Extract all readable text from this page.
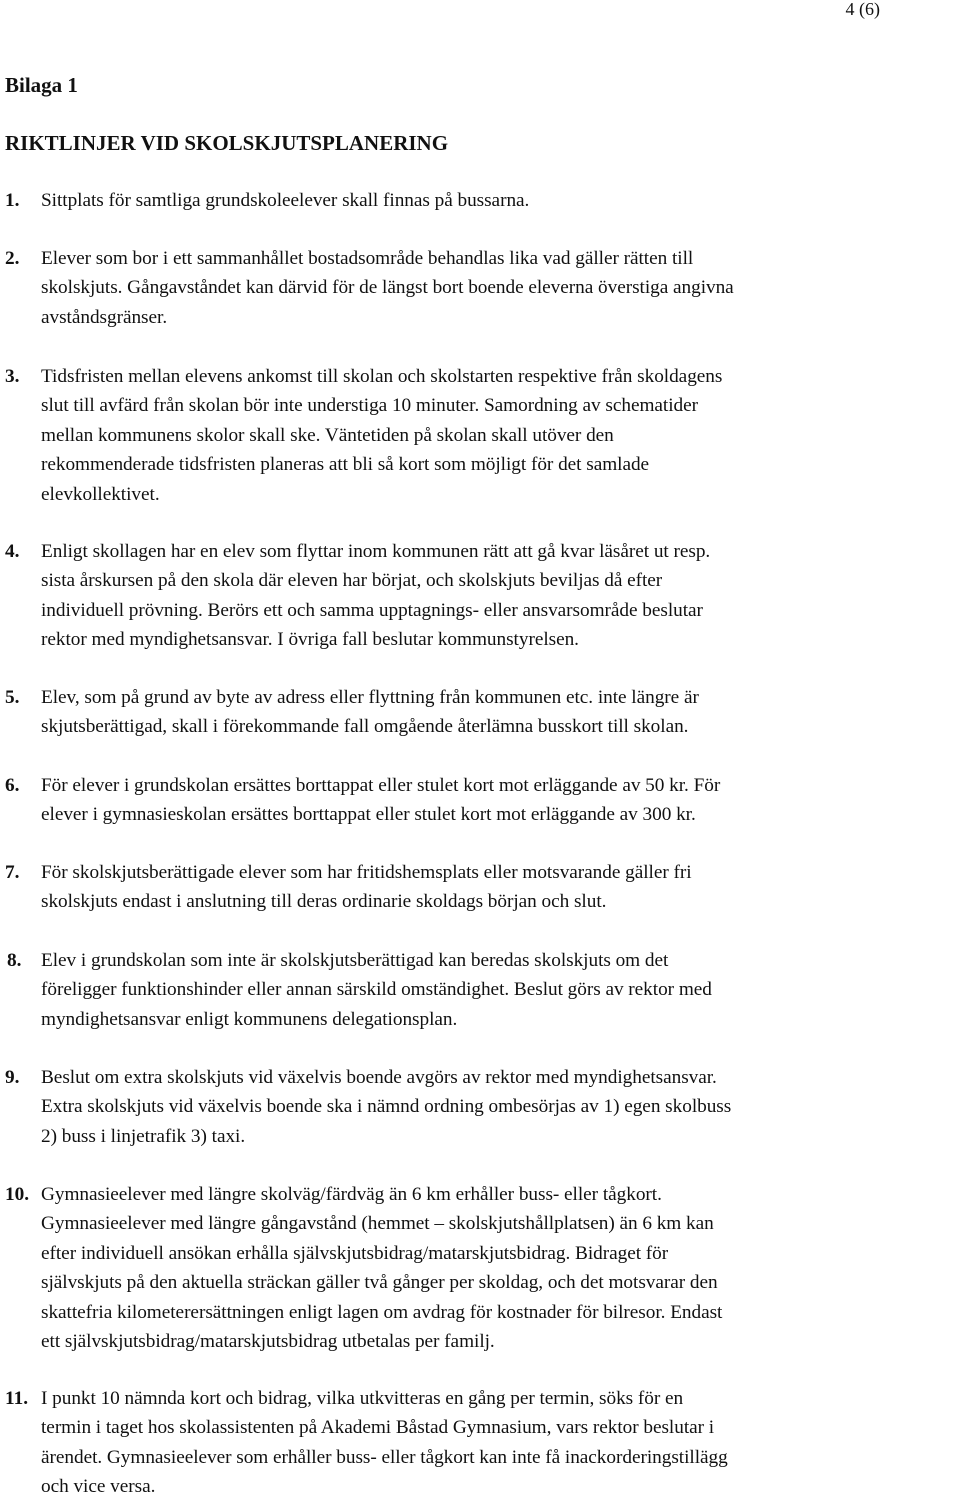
4 (6)
Bilaga 1
RIKTLINJER VID SKOLSKJUTSPLANERING
1. Sittplats för samtliga grundskoleelever skall finnas på bussarna.
2. Elever som bor i ett sammanhållet bostadsområde behandlas lika vad gäller rätten till
skolskjuts. Gångavståndet kan därvid för de längst bort boende eleverna överstiga angivna
avståndsgränser.
3. Tidsfristen mellan elevens ankomst till skolan och skolstarten respektive från skoldagens
slut till avfärd från skolan bör inte understiga 10 minuter. Samordning av schematider
mellan kommunens skolor skall ske. Väntetiden på skolan skall utöver den
rekommenderade tidsfristen planeras att bli så kort som möjligt för det samlade
elevkollektivet.
4. Enligt skollagen har en elev som flyttar inom kommunen rätt att gå kvar läsåret ut resp.
sista årskursen på den skola där eleven har börjat, och skolskjuts beviljas då efter
individuell prövning. Berörs ett och samma upptagnings- eller ansvarsområde beslutar
rektor med myndighetsansvar. I övriga fall beslutar kommunstyrelsen.
5. Elev, som på grund av byte av adress eller flyttning från kommunen etc. inte längre är
skjutsberättigad, skall i förekommande fall omgående återlämna busskort till skolan.
6. För elever i grundskolan ersättes borttappat eller stulet kort mot erläggande av 50 kr. För
elever i gymnasieskolan ersättes borttappat eller stulet kort mot erläggande av 300 kr.
7. För skolskjutsberättigade elever som har fritidshemsplats eller motsvarande gäller fri
skolskjuts endast i anslutning till deras ordinarie skoldags början och slut.
8. Elev i grundskolan som inte är skolskjutsberättigad kan beredas skolskjuts om det
föreligger funktionshinder eller annan särskild omständighet. Beslut görs av rektor med
myndighetsansvar enligt kommunens delegationsplan.
9. Beslut om extra skolskjuts vid växelvis boende avgörs av rektor med myndighetsansvar.
Extra skolskjuts vid växelvis boende ska i nämnd ordning ombesörjas av 1) egen skolbuss
2) buss i linjetrafik 3) taxi.
10. Gymnasieelever med längre skolväg/färdväg än 6 km erhåller buss- eller tågkort.
Gymnasieelever med längre gångavstånd (hemmet – skolskjutshållplatsen) än 6 km kan
efter individuell ansökan erhålla självskjutsbidrag/matarskjutsbidrag. Bidraget för
självskjuts på den aktuella sträckan gäller två gånger per skoldag, och det motsvarar den
skattefria kilometerersättningen enligt lagen om avdrag för kostnader för bilresor. Endast
ett självskjutsbidrag/matarskjutsbidrag utbetalas per familj.
11. I punkt 10 nämnda kort och bidrag, vilka utkvitteras en gång per termin, söks för en
termin i taget hos skolassistenten på Akademi Båstad Gymnasium, vars rektor beslutar i
ärendet. Gymnasieelever som erhåller buss- eller tågkort kan inte få inackorderingstillägg
och vice versa.
